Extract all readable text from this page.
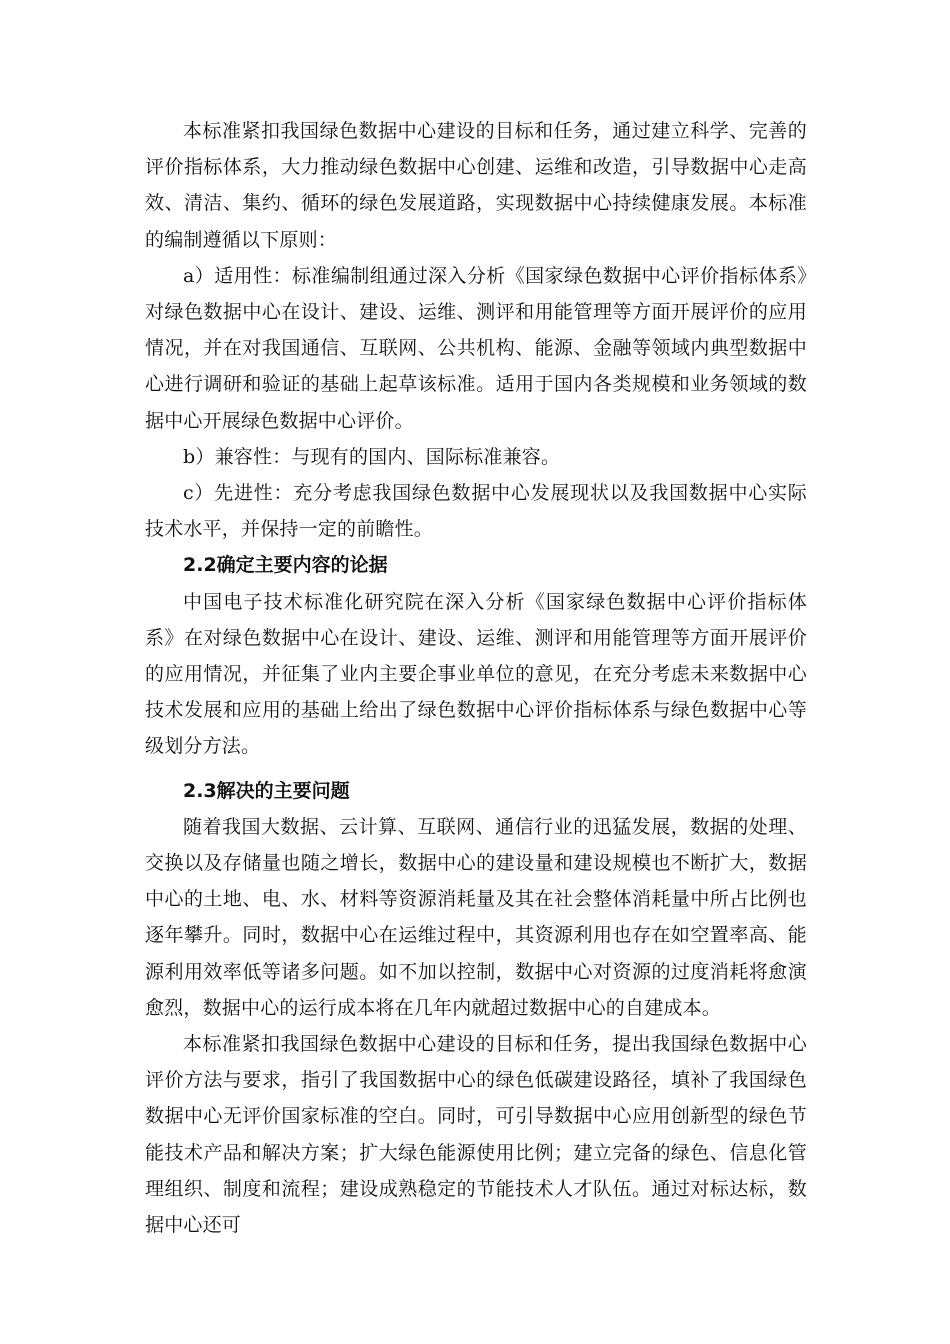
本标准紧扣我国绿色数据中心建设的目标和任务，通过建立科学、完善的评价指标体系，大力推动绿色数据中心创建、运维和改造，引导数据中心走高效、清洁、集约、循环的绿色发展道路，实现数据中心持续健康发展。本标准的编制遵循以下原则：

a）适用性：标准编制组通过深入分析《国家绿色数据中心评价指标体系》对绿色数据中心在设计、建设、运维、测评和用能管理等方面开展评价的应用情况，并在对我国通信、互联网、公共机构、能源、金融等领域内典型数据中心进行调研和验证的基础上起草该标准。适用于国内各类规模和业务领域的数据中心开展绿色数据中心评价。

b）兼容性：与现有的国内、国际标准兼容。

c）先进性：充分考虑我国绿色数据中心发展现状以及我国数据中心实际技术水平，并保持一定的前瞻性。

2.2确定主要内容的论据

中国电子技术标准化研究院在深入分析《国家绿色数据中心评价指标体系》在对绿色数据中心在设计、建设、运维、测评和用能管理等方面开展评价的应用情况，并征集了业内主要企事业单位的意见，在充分考虑未来数据中心技术发展和应用的基础上给出了绿色数据中心评价指标体系与绿色数据中心等级划分方法。

2.3解决的主要问题

随着我国大数据、云计算、互联网、通信行业的迅猛发展，数据的处理、交换以及存储量也随之增长，数据中心的建设量和建设规模也不断扩大，数据中心的土地、电、水、材料等资源消耗量及其在社会整体消耗量中所占比例也逐年攀升。同时，数据中心在运维过程中，其资源利用也存在如空置率高、能源利用效率低等诸多问题。如不加以控制，数据中心对资源的过度消耗将愈演愈烈，数据中心的运行成本将在几年内就超过数据中心的自建成本。

本标准紧扣我国绿色数据中心建设的目标和任务，提出我国绿色数据中心评价方法与要求，指引了我国数据中心的绿色低碳建设路径，填补了我国绿色数据中心无评价国家标准的空白。同时，可引导数据中心应用创新型的绿色节能技术产品和解决方案；扩大绿色能源使用比例；建立完备的绿色、信息化管理组织、制度和流程；建设成熟稳定的节能技术人才队伍。通过对标达标，数据中心还可
